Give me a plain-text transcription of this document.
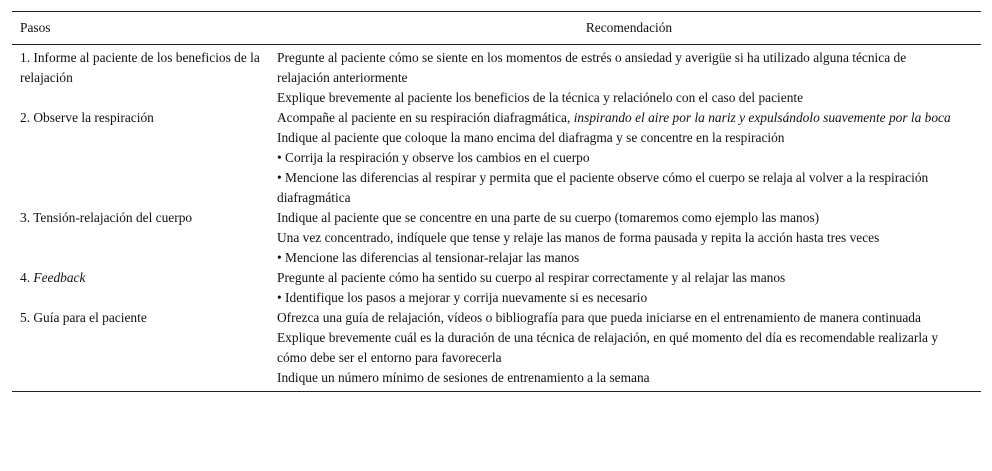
Pasos	Recomendación
1. Informe al paciente de los beneficios de la relajación	Pregunte al paciente cómo se siente en los momentos de estrés o ansiedad y averigüe si ha utilizado alguna técnica de relajación anteriormente

Explique brevemente al paciente los beneficios de la técnica y relaciónelo con el caso del paciente

2. Observe la respiración	Acompañe al paciente en su respiración diafragmática, inspirando el aire por la nariz y expulsándolo suavemente por la boca

Indique al paciente que coloque la mano encima del diafragma y se concentre en la respiración

• Corrija la respiración y observe los cambios en el cuerpo

• Mencione las diferencias al respirar y permita que el paciente observe cómo el cuerpo se relaja al volver a la respiración diafragmática

3. Tensión-relajación del cuerpo	Indique al paciente que se concentre en una parte de su cuerpo (tomaremos como ejemplo las manos)

Una vez concentrado, indíquele que tense y relaje las manos de forma pausada y repita la acción hasta tres veces

• Mencione las diferencias al tensionar-relajar las manos

4. Feedback	Pregunte al paciente cómo ha sentido su cuerpo al respirar correctamente y al relajar las manos

• Identifique los pasos a mejorar y corrija nuevamente si es necesario

5. Guía para el paciente	Ofrezca una guía de relajación, vídeos o bibliografía para que pueda iniciarse en el entrenamiento de manera continuada

Explique brevemente cuál es la duración de una técnica de relajación, en qué momento del día es recomendable realizarla y cómo debe ser el entorno para favorecerla

Indique un número mínimo de sesiones de entrenamiento a la semana
